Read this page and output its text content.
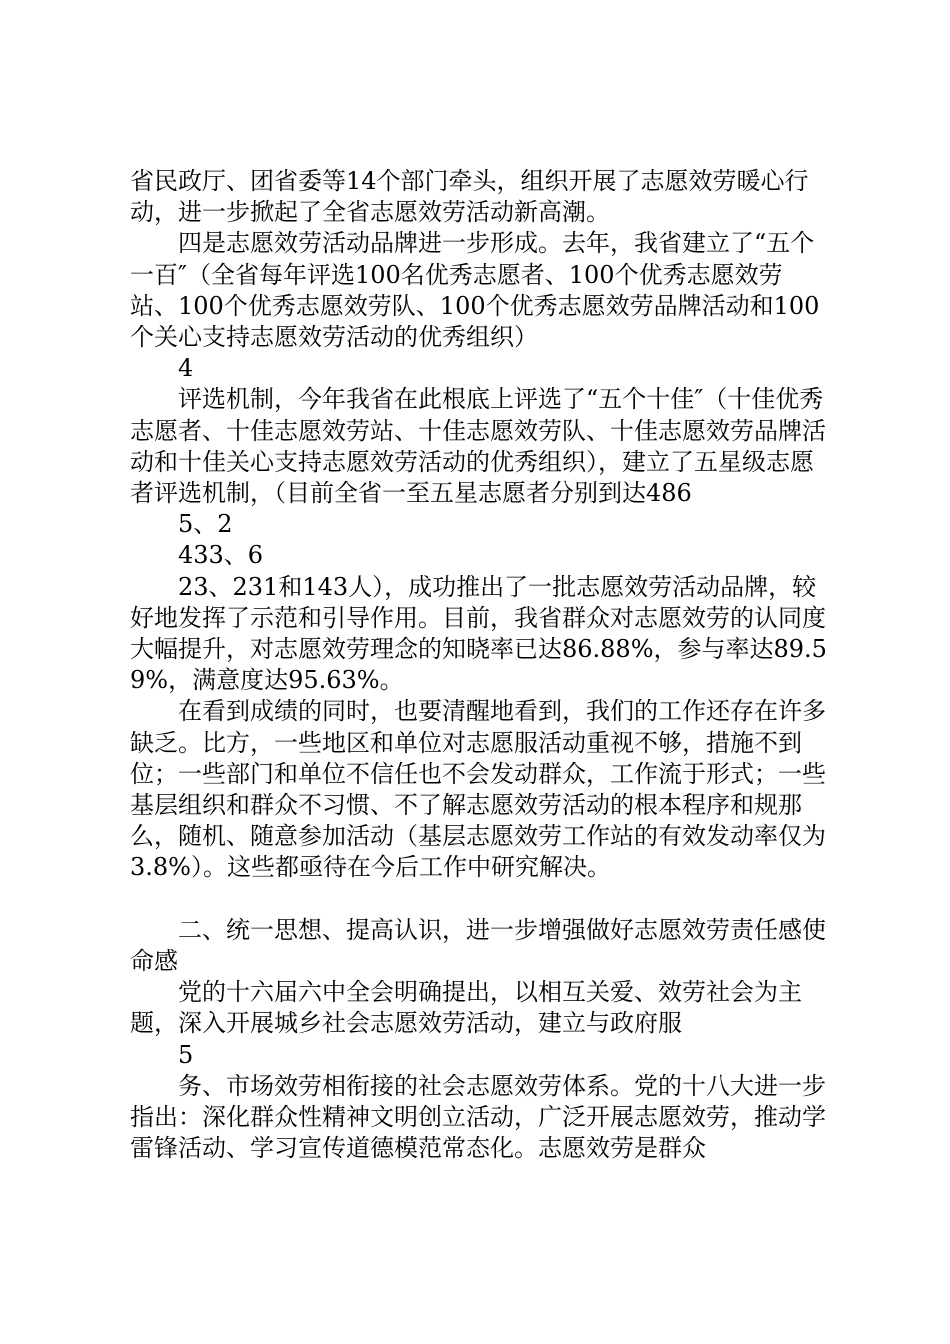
省民政厅、团省委等14个部门牵头，组织开展了志愿效劳暖心行动，进一步掀起了全省志愿效劳活动新高潮。

　　四是志愿效劳活动品牌进一步形成。去年，我省建立了“五个一百″（全省每年评选100名优秀志愿者、100个优秀志愿效劳站、100个优秀志愿效劳队、100个优秀志愿效劳品牌活动和100个关心支持志愿效劳活动的优秀组织）

　　4

　　评选机制，今年我省在此根底上评选了“五个十佳″（十佳优秀志愿者、十佳志愿效劳站、十佳志愿效劳队、十佳志愿效劳品牌活动和十佳关心支持志愿效劳活动的优秀组织），建立了五星级志愿者评选机制，（目前全省一至五星志愿者分别到达486

　　5、2

　　433、6

　　23、231和143人），成功推出了一批志愿效劳活动品牌，较好地发挥了示范和引导作用。目前，我省群众对志愿效劳的认同度大幅提升，对志愿效劳理念的知晓率已达86.88%，参与率达89.59%，满意度达95.63%。

　　在看到成绩的同时，也要清醒地看到，我们的工作还存在许多缺乏。比方，一些地区和单位对志愿服活动重视不够，措施不到位；一些部门和单位不信任也不会发动群众，工作流于形式；一些基层组织和群众不习惯、不了解志愿效劳活动的根本程序和规那么，随机、随意参加活动（基层志愿效劳工作站的有效发动率仅为3.8%）。这些都亟待在今后工作中研究解决。

　　二、统一思想、提高认识，进一步增强做好志愿效劳责任感使命感

　　党的十六届六中全会明确提出，以相互关爱、效劳社会为主题，深入开展城乡社会志愿效劳活动，建立与政府服

　　5

　　务、市场效劳相衔接的社会志愿效劳体系。党的十八大进一步指出：深化群众性精神文明创立活动，广泛开展志愿效劳，推动学雷锋活动、学习宣传道德模范常态化。志愿效劳是群众
